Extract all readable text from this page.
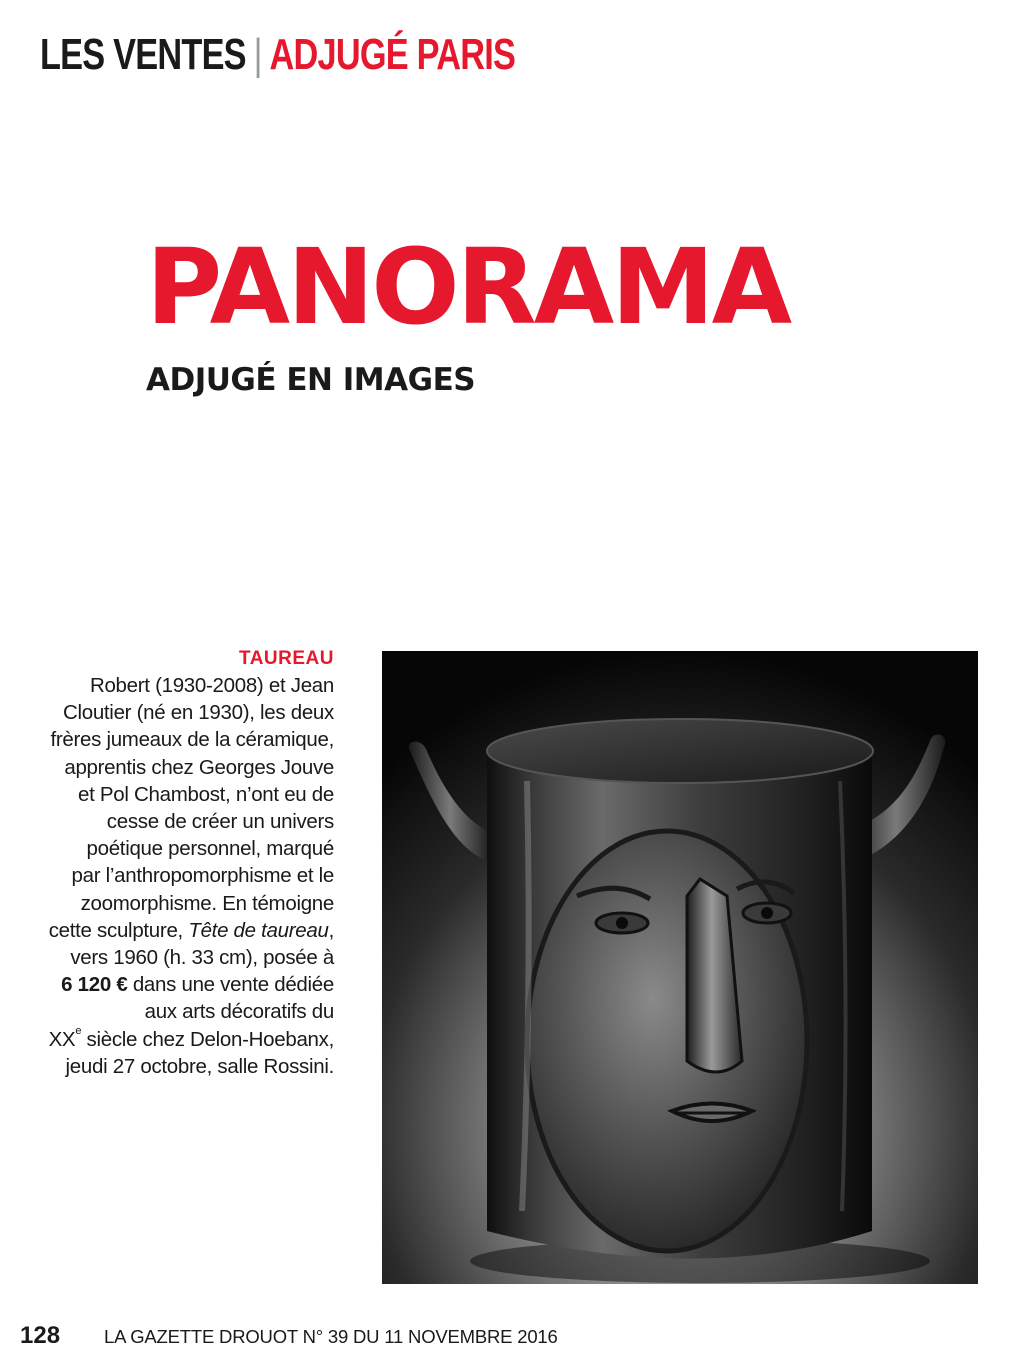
LES VENTES | ADJUGÉ PARIS
PANORAMA
ADJUGÉ EN IMAGES
TAUREAU
Robert (1930-2008) et Jean
Cloutier (né en 1930), les deux
frères jumeaux de la céramique,
apprentis chez Georges Jouve
et Pol Chambost, n’ont eu de
cesse de créer un univers
poétique personnel, marqué
par l’anthropomorphisme et le
zoomorphisme. En témoigne
cette sculpture, Tête de taureau,
vers 1960 (h. 33 cm), posée à
6 120 € dans une vente dédiée
aux arts décoratifs du
XXe siècle chez Delon-Hoebanx,
jeudi 27 octobre, salle Rossini.
128 LA GAZETTE DROUOT N° 39 DU 11 NOVEMBRE 2016
